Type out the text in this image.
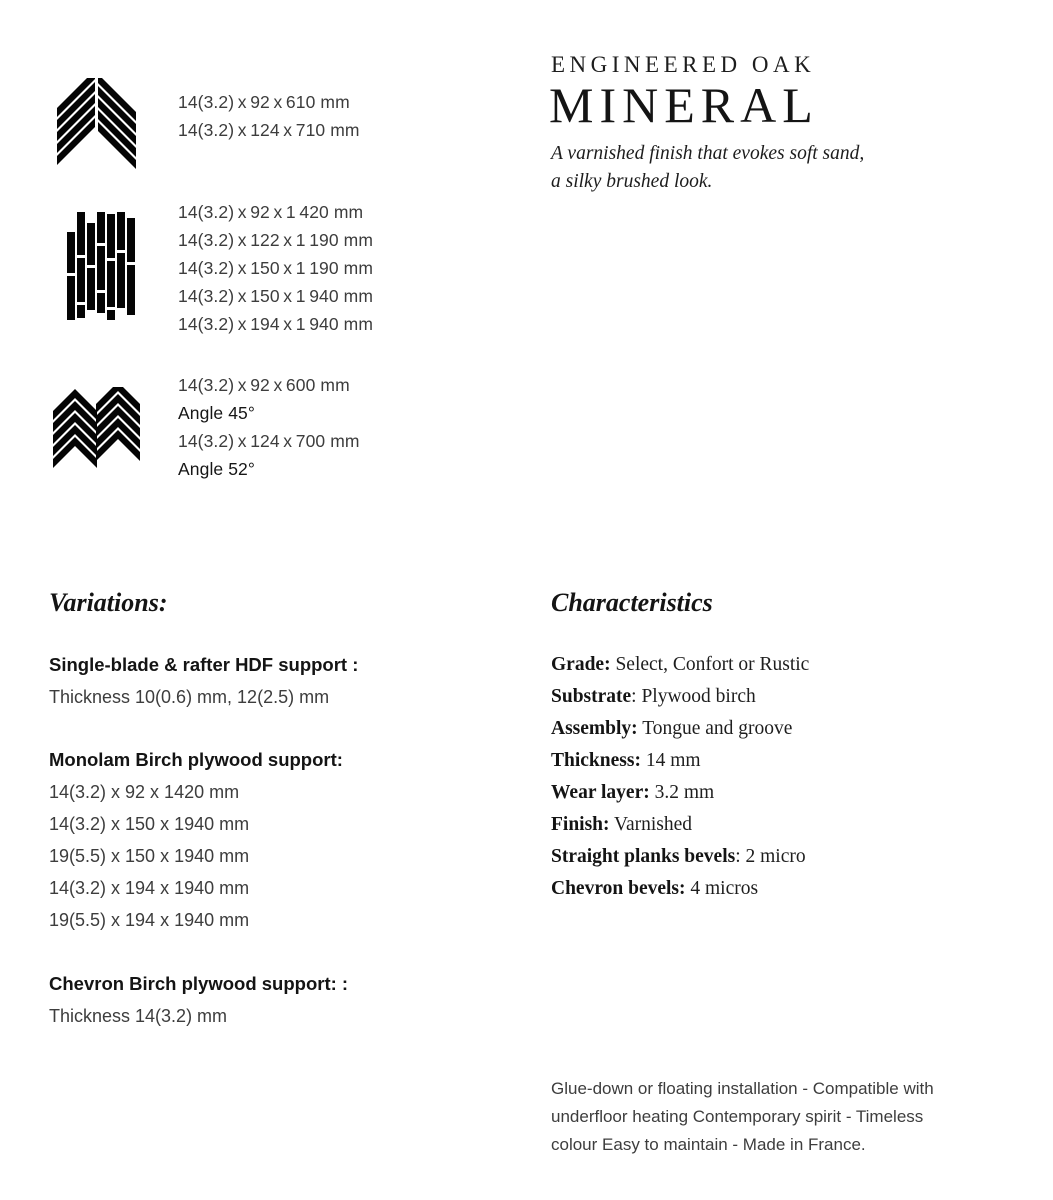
14(3.2) x 92 x 610 mm
14(3.2) x 124 x 710 mm
14(3.2) x 92 x 1 420 mm
14(3.2) x 122 x 1 190 mm
14(3.2) x 150 x 1 190 mm
14(3.2) x 150 x 1 940 mm
14(3.2) x 194 x 1 940 mm
14(3.2) x 92 x 600 mm
Angle 45°
14(3.2) x 124 x 700 mm
Angle 52°
ENGINEERED OAK
MINERAL
A varnished finish that evokes soft sand,
a silky brushed look.
Variations:
Single-blade & rafter HDF support :
Thickness 10(0.6) mm, 12(2.5) mm
Monolam Birch plywood support:
14(3.2) x 92 x 1420 mm
14(3.2) x 150 x 1940 mm
19(5.5) x 150 x 1940 mm
14(3.2) x 194 x 1940 mm
19(5.5) x 194 x 1940 mm
Chevron Birch plywood support: :
Thickness 14(3.2) mm
Characteristics
Grade: Select, Confort or Rustic
Substrate: Plywood birch
Assembly: Tongue and groove
Thickness: 14 mm
Wear layer: 3.2 mm
Finish: Varnished
Straight planks bevels: 2 micro
Chevron bevels: 4 micros

Glue-down or floating installation - Compatible with underfloor heating Contemporary spirit - Timeless colour Easy to maintain - Made in France.
